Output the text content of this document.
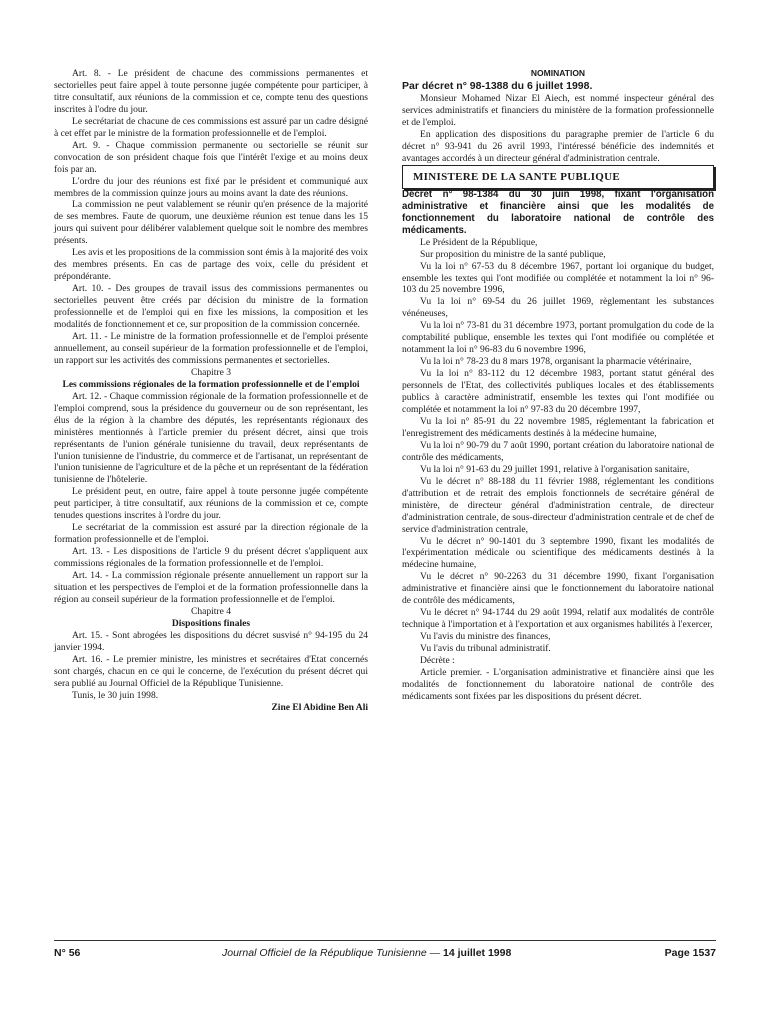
Art. 8. - Le président de chacune des commissions permanentes et sectorielles peut faire appel à toute personne jugée compétente pour participer, à titre consultatif, aux réunions de la commission et ce, compte tenu des questions inscrites à l'odre du jour.

Le secrétariat de chacune de ces commissions est assuré par un cadre désigné à cet effet par le ministre de la formation professionnelle et de l'emploi.

Art. 9. - Chaque commission permanente ou sectorielle se réunit sur convocation de son président chaque fois que l'intérêt l'exige et au moins deux fois par an.

L'ordre du jour des réunions est fixé par le président et communiqué aux membres de la commission quinze jours au moins avant la date des réunions.

La commission ne peut valablement se réunir qu'en présence de la majorité de ses membres. Faute de quorum, une deuxième réunion est tenue dans les 15 jours qui suivent pour délibérer valablement quelque soit le nombre des membres présents.

Les avis et les propositions de la commission sont émis à la majorité des voix des membres présents. En cas de partage des voix, celle du président et prépondérante.

Art. 10. - Des groupes de travail issus des commissions permanentes ou sectorielles peuvent être créés par décision du ministre de la formation professionnelle et de l'emploi qui en fixe les missions, la composition et les modalités de fonctionnement et ce, sur proposition de la commission concernée.

Art. 11. - Le ministre de la formation professionnelle et de l'emploi présente annuellement, au conseil supérieur de la formation professionnelle et de l'emploi, un rapport sur les activités des commissions permanentes et sectorielles.

Chapitre 3

Les commissions régionales de la formation professionnelle et de l'emploi

Art. 12. - Chaque commission régionale de la formation professionnelle et de l'emploi comprend, sous la présidence du gouverneur ou de son représentant, les élus de la région à la chambre des députés, les représentants régionaux des ministères mentionnés à l'article premier du présent décret, ainsi que trois représentants de l'union générale tunisienne du travail, deux représentants de l'union tunisienne de l'industrie, du commerce et de l'artisanat, un représentant de l'union tunisienne de l'agriculture et de la pêche et un représentant de la fédération tunisienne de l'hôtelerie.

Le président peut, en outre, faire appel à toute personne jugée compétente peut participer, à titre consultatif, aux réunions de la commission et ce, compte tenudes questions inscrites à l'ordre du jour.

Le secrétariat de la commission est assuré par la direction régionale de la formation professionnelle et de l'emploi.

Art. 13. - Les dispositions de l'article 9 du présent décret s'appliquent aux commissions régionales de la formation professionnelle et de l'emploi.

Art. 14. - La commission régionale présente annuellement un rapport sur la situation et les perspectives de l'emploi et de la formation professionnelle dans la région au conseil supérieur de la formation professionnelle et de l'emploi.

Chapitre 4

Dispositions finales

Art. 15. - Sont abrogées les dispositions du décret susvisé n° 94-195 du 24 janvier 1994.

Art. 16. - Le premier ministre, les ministres et secrétaires d'Etat concernés sont chargés, chacun en ce qui le concerne, de l'exécution du présent décret qui sera publié au Journal Officiel de la République Tunisienne.

Tunis, le 30 juin 1998.

Zine El Abidine Ben Ali

NOMINATION

Par décret n° 98-1388 du 6 juillet 1998.

Monsieur Mohamed Nizar El Aiech, est nommé inspecteur général des services administratifs et financiers du ministère de la formation professionnelle et de l'emploi.

En application des dispositions du paragraphe premier de l'article 6 du décret n° 93-941 du 26 avril 1993, l'intéressé bénéficie des indemnités et avantages accordés à un directeur général d'administration centrale.

MINISTERE DE LA SANTE PUBLIQUE

Décret n° 98-1384 du 30 juin 1998, fixant l'organisation administrative et financière ainsi que les modalités de fonctionnement du laboratoire national de contrôle des médicaments.

Le Président de la République,

Sur proposition du ministre de la santé publique,

Vu la loi n° 67-53 du 8 décembre 1967, portant loi organique du budget, ensemble les textes qui l'ont modifiée ou complétée et notamment la loi n° 96-103 du 25 novembre 1996,

Vu la loi n° 69-54 du 26 juillet 1969, règlementant les substances vénéneuses,

Vu la loi n° 73-81 du 31 décembre 1973, portant promulgation du code de la comptabilité publique, ensemble les textes qui l'ont modifiée ou complétée et notamment la loi n° 96-83 du 6 novembre 1996,

Vu la loi n° 78-23 du 8 mars 1978, organisant la pharmacie vétérinaire,

Vu la loi n° 83-112 du 12 décembre 1983, portant statut général des personnels de l'Etat, des collectivités publiques locales et des établissements publics à caractère administratif, ensemble les textes qui l'ont modifiée ou complétée et notamment la loi n° 97-83 du 20 décembre 1997,

Vu la loi n° 85-91 du 22 novembre 1985, réglementant la fabrication et l'enregistrement des médicaments destinés à la médecine humaine,

Vu la loi n° 90-79 du 7 août 1990, portant création du laboratoire national de contrôle des médicaments,

Vu la loi n° 91-63 du 29 juillet 1991, relative à l'organisation sanitaire,

Vu le décret n° 88-188 du 11 février 1988, réglementant les conditions d'attribution et de retrait des emplois fonctionnels de secrétaire général de ministère, de directeur général d'administration centrale, de directeur d'administration centrale, de sous-directeur d'administration centrale et de chef de service d'administration centrale,

Vu le décret n° 90-1401 du 3 septembre 1990, fixant les modalités de l'expérimentation médicale ou scientifique des médicaments destinés à la médecine humaine,

Vu le décret n° 90-2263 du 31 décembre 1990, fixant l'organisation administrative et financière ainsi que le fonctionnement du laboratoire national de contrôle des médicaments,

Vu le décret n° 94-1744 du 29 août 1994, relatif aux modalités de contrôle technique à l'importation et à l'exportation et aux organismes habilités à l'exercer,

Vu l'avis du ministre des finances,

Vu l'avis du tribunal administratif.

Décrète :

Article premier. - L'organisation administrative et financière ainsi que les modalités de fonctionnement du laboratoire national de contrôle des médicaments sont fixées par les dispositions du présent décret.

N° 56	Journal Officiel de la République Tunisienne — 14 juillet 1998	Page 1537
